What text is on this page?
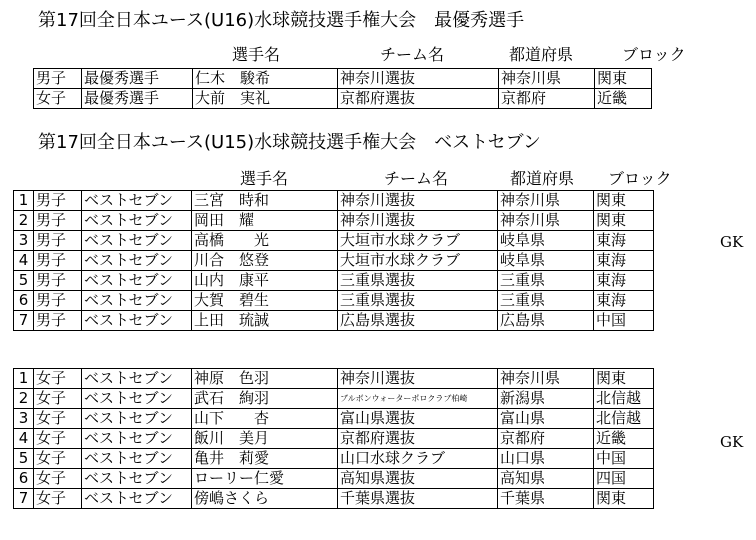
第17回全日本ユース(U16)水球競技選手権大会　最優秀選手
選手名	チーム名	都道府県	ブロック
男子	最優秀選手	仁木　駿希	神奈川選抜	神奈川県	関東
女子	最優秀選手	大前　実礼	京都府選抜	京都府	近畿
第17回全日本ユース(U15)水球競技選手権大会　ベストセブン
選手名	チーム名	都道府県 ブロック
1	男子	ベストセブン	三宮　時和	神奈川選抜	神奈川県	関東
2	男子	ベストセブン	岡田　耀	神奈川選抜	神奈川県	関東
3	男子	ベストセブン	高橋　　光	大垣市水球クラブ	岐阜県	東海
4	男子	ベストセブン	川合　悠登	大垣市水球クラブ	岐阜県	東海
5	男子	ベストセブン	山内　康平	三重県選抜	三重県	東海
6	男子	ベストセブン	大賀　碧生	三重県選抜	三重県	東海
7	男子	ベストセブン	上田　琉誠	広島県選抜	広島県	中国
GK
1	女子	ベストセブン	神原　色羽	神奈川選抜	神奈川県	関東
2	女子	ベストセブン	武石　絢羽	ブルボンウォーターポロクラブ柏崎	新潟県	北信越
3	女子	ベストセブン	山下　　杏	富山県選抜	富山県	北信越
4	女子	ベストセブン	飯川　美月	京都府選抜	京都府	近畿
5	女子	ベストセブン	亀井　莉愛	山口水球クラブ	山口県	中国
6	女子	ベストセブン	ローリー仁愛	高知県選抜	高知県	四国
7	女子	ベストセブン	傍嶋さくら	千葉県選抜	千葉県	関東
GK
